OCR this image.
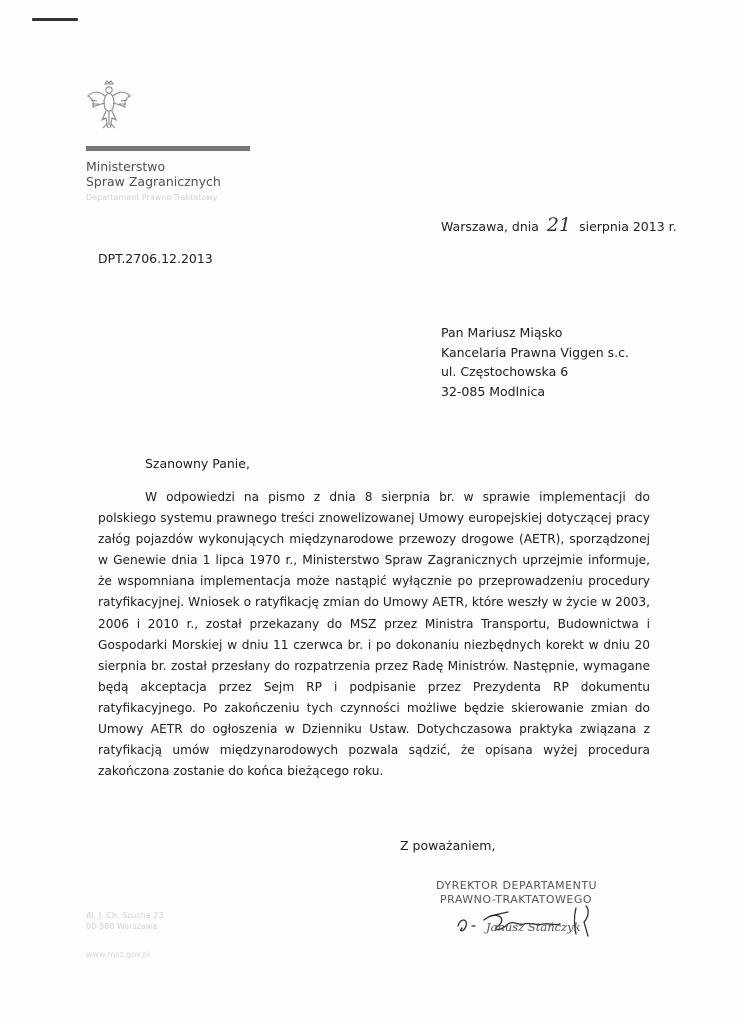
Ministerstwo
Spraw Zagranicznych
Departament Prawno-Traktatowy
Warszawa, dnia 21 sierpnia 2013 r.
DPT.2706.12.2013
Pan Mariusz Miąsko
Kancelaria Prawna Viggen s.c.
ul. Częstochowska 6
32-085 Modlnica
Szanowny Panie,

W odpowiedzi na pismo z dnia 8 sierpnia br. w sprawie implementacji do polskiego systemu prawnego treści znowelizowanej Umowy europejskiej dotyczącej pracy załóg pojazdów wykonujących międzynarodowe przewozy drogowe (AETR), sporządzonej w Genewie dnia 1 lipca 1970 r., Ministerstwo Spraw Zagranicznych uprzejmie informuje, że wspomniana implementacja może nastąpić wyłącznie po przeprowadzeniu procedury ratyfikacyjnej. Wniosek o ratyfikację zmian do Umowy AETR, które weszły w życie w 2003, 2006 i 2010 r., został przekazany do MSZ przez Ministra Transportu, Budownictwa i Gospodarki Morskiej w dniu 11 czerwca br. i po dokonaniu niezbędnych korekt w dniu 20 sierpnia br. został przesłany do rozpatrzenia przez Radę Ministrów. Następnie, wymagane będą akceptacja przez Sejm RP i podpisanie przez Prezydenta RP dokumentu ratyfikacyjnego. Po zakończeniu tych czynności możliwe będzie skierowanie zmian do Umowy AETR do ogłoszenia w Dzienniku Ustaw. Dotychczasowa praktyka związana z ratyfikacją umów międzynarodowych pozwala sądzić, że opisana wyżej procedura zakończona zostanie do końca bieżącego roku.

Z poważaniem,
DYREKTOR DEPARTAMENTU
PRAWNO-TRAKTATOWEGO
Janusz Stańczyk
Al. J. Ch. Szucha 23
00-580 Warszawa
www.msz.gov.pl
